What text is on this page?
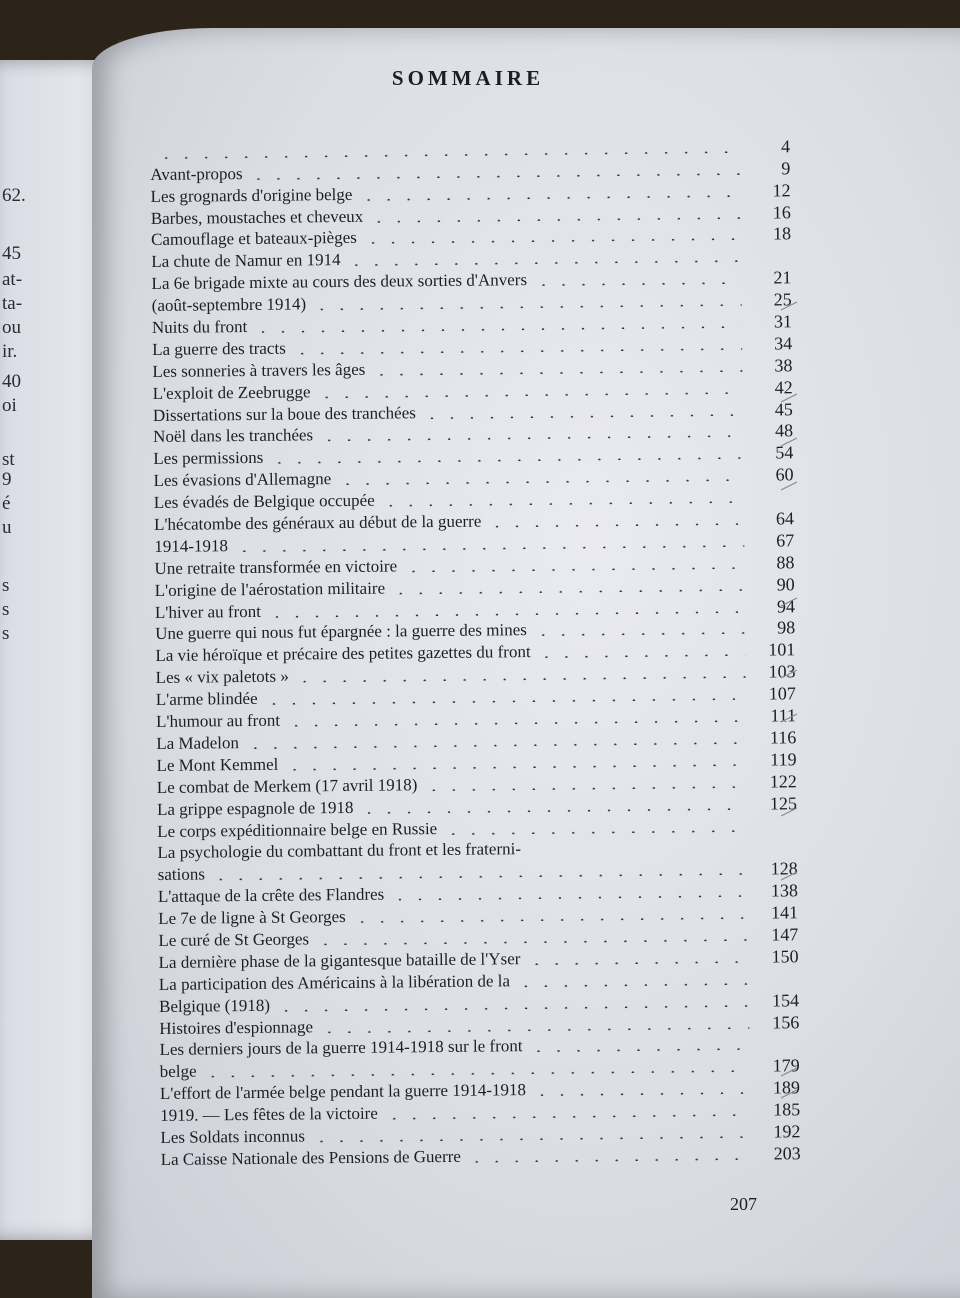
62.
45
at-
ta-
ou
ir.
40
oi
st
9
é
u
s
s
s
SOMMAIRE
4
Avant-propos	9
Les grognards d'origine belge	12
Barbes, moustaches et cheveux	16
Camouflage et bateaux-pièges	18
La chute de Namur en 1914
La 6e brigade mixte au cours des deux sorties d'Anvers	21
(août-septembre 1914)	25
Nuits du front	31
La guerre des tracts	34
Les sonneries à travers les âges	38
L'exploit de Zeebrugge	42
Dissertations sur la boue des tranchées	45
Noël dans les tranchées	48
Les permissions	54
Les évasions d'Allemagne	60
Les évadés de Belgique occupée
L'hécatombe des généraux au début de la guerre	64
1914-1918	67
Une retraite transformée en victoire	88
L'origine de l'aérostation militaire	90
L'hiver au front	94
Une guerre qui nous fut épargnée : la guerre des mines	98
La vie héroïque et précaire des petites gazettes du front	101
Les « vix paletots »	103
L'arme blindée	107
L'humour au front	111
La Madelon	116
Le Mont Kemmel	119
Le combat de Merkem (17 avril 1918)	122
La grippe espagnole de 1918	125
Le corps expéditionnaire belge en Russie
La psychologie du combattant du front et les fraterni-
sations	128
L'attaque de la crête des Flandres	138
Le 7e de ligne à St Georges	141
Le curé de St Georges	147
La dernière phase de la gigantesque bataille de l'Yser	150
La participation des Américains à la libération de la
Belgique (1918)	154
Histoires d'espionnage	156
Les derniers jours de la guerre 1914-1918 sur le front
belge	179
L'effort de l'armée belge pendant la guerre 1914-1918	189
1919. — Les fêtes de la victoire	185
Les Soldats inconnus	192
La Caisse Nationale des Pensions de Guerre	203
207
